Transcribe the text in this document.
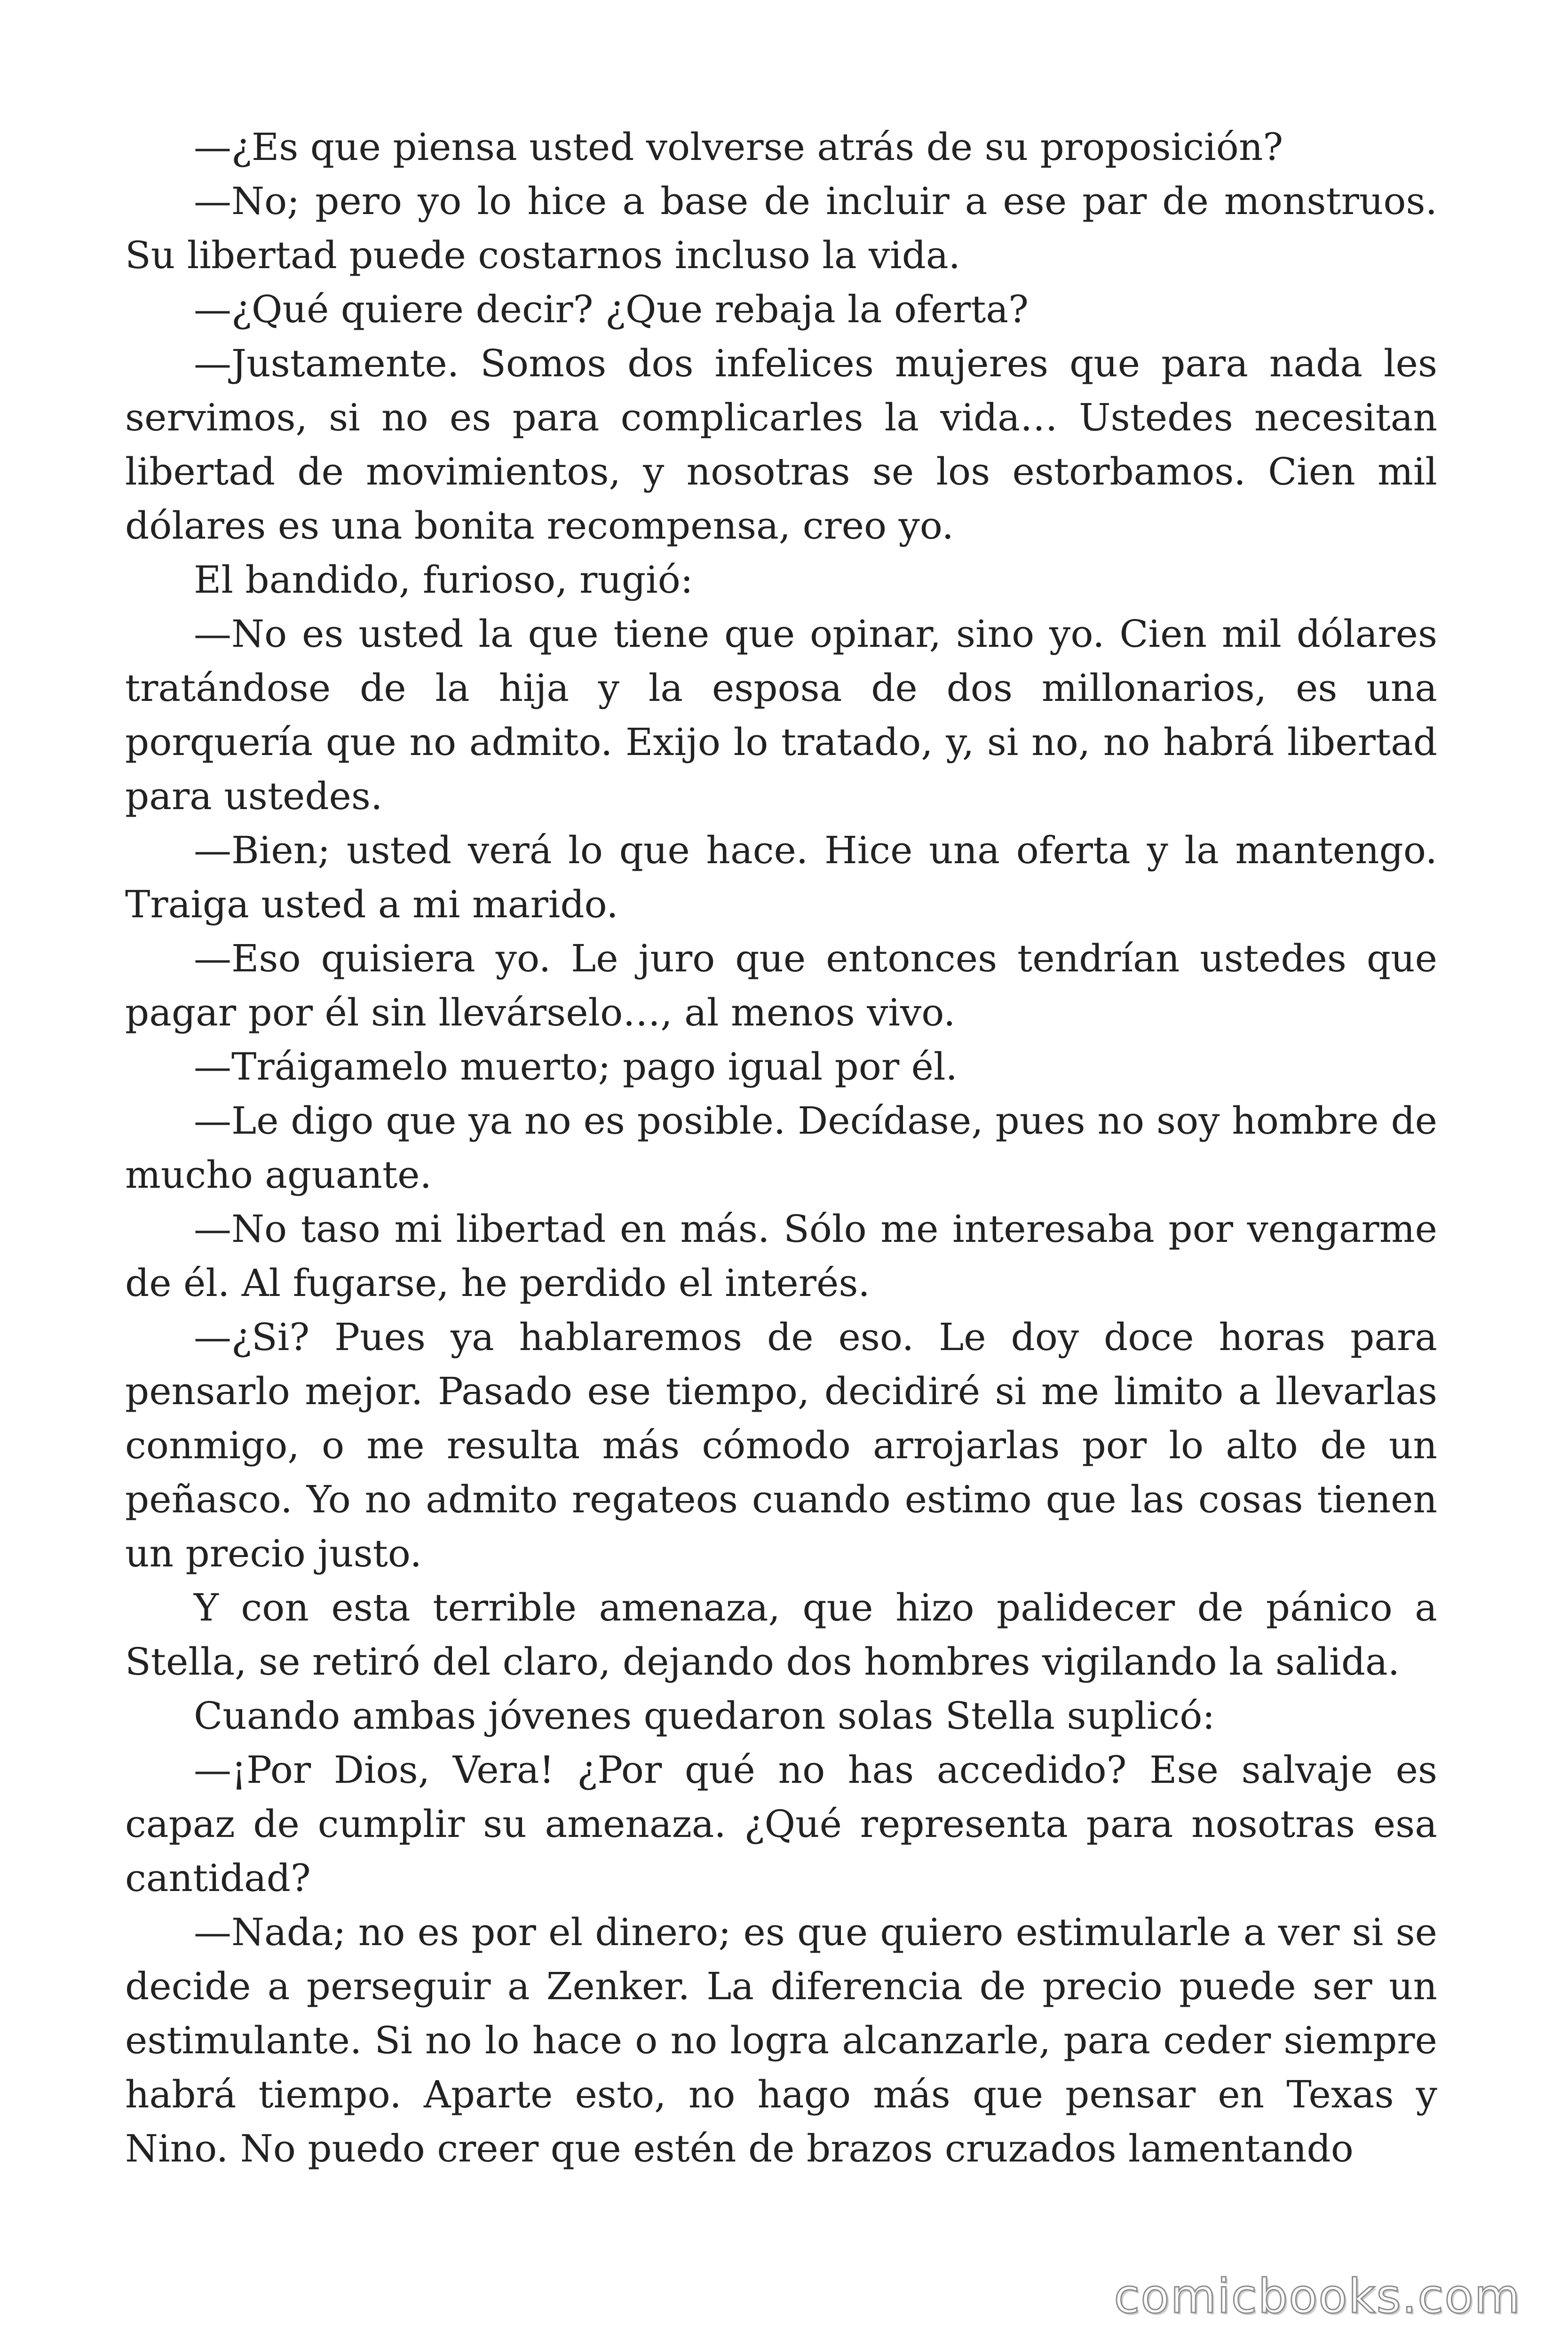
—¿Es que piensa usted volverse atrás de su proposición?

—No; pero yo lo hice a base de incluir a ese par de monstruos. Su libertad puede costarnos incluso la vida.

—¿Qué quiere decir? ¿Que rebaja la oferta?

—Justamente. Somos dos infelices mujeres que para nada les servimos, si no es para complicarles la vida… Ustedes necesitan libertad de movimientos, y nosotras se los estorbamos. Cien mil dólares es una bonita recompensa, creo yo.

El bandido, furioso, rugió:

—No es usted la que tiene que opinar, sino yo. Cien mil dólares tratándose de la hija y la esposa de dos millonarios, es una porquería que no admito. Exijo lo tratado, y, si no, no habrá libertad para ustedes.

—Bien; usted verá lo que hace. Hice una oferta y la mantengo. Traiga usted a mi marido.

—Eso quisiera yo. Le juro que entonces tendrían ustedes que pagar por él sin llevárselo…, al menos vivo.

—Tráigamelo muerto; pago igual por él.

—Le digo que ya no es posible. Decídase, pues no soy hombre de mucho aguante.

—No taso mi libertad en más. Sólo me interesaba por vengarme de él. Al fugarse, he perdido el interés.

—¿Si? Pues ya hablaremos de eso. Le doy doce horas para pensarlo mejor. Pasado ese tiempo, decidiré si me limito a llevarlas conmigo, o me resulta más cómodo arrojarlas por lo alto de un peñasco. Yo no admito regateos cuando estimo que las cosas tienen un precio justo.

Y con esta terrible amenaza, que hizo palidecer de pánico a Stella, se retiró del claro, dejando dos hombres vigilando la salida.

Cuando ambas jóvenes quedaron solas Stella suplicó:

—¡Por Dios, Vera! ¿Por qué no has accedido? Ese salvaje es capaz de cumplir su amenaza. ¿Qué representa para nosotras esa cantidad?

—Nada; no es por el dinero; es que quiero estimularle a ver si se decide a perseguir a Zenker. La diferencia de precio puede ser un estimulante. Si no lo hace o no logra alcanzarle, para ceder siempre habrá tiempo. Aparte esto, no hago más que pensar en Texas y Nino. No puedo creer que estén de brazos cruzados lamentando

comicbooks.com
